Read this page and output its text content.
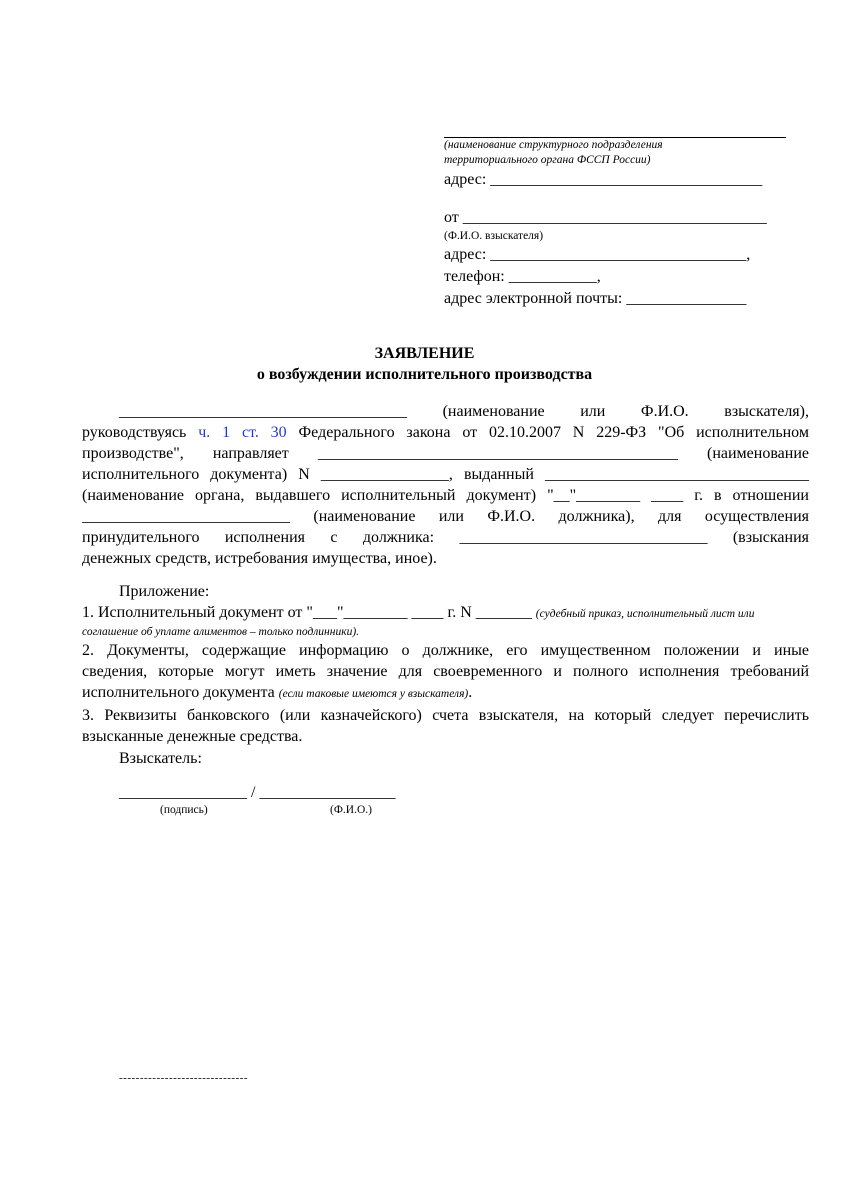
(наименование структурного подразделения
территориального органа ФССП России)
адрес: __________________________________
от ______________________________________
(Ф.И.О. взыскателя)
адрес: ________________________________,
телефон: ___________,
адрес электронной почты: _______________
ЗАЯВЛЕНИЕ
о возбуждении исполнительного производства
____________________________________ (наименование или Ф.И.О. взыскателя),
руководствуясь ч. 1 ст. 30 Федерального закона от 02.10.2007 N 229-ФЗ "Об исполнительном
производстве", направляет _____________________________________________ (наименование
исполнительного документа) N ________________, выданный _________________________________
(наименование органа, выдавшего исполнительный документ) "__"________ ____ г. в отношении
__________________________ (наименование или Ф.И.О. должника), для осуществления
принудительного исполнения с должника: _______________________________ (взыскания
денежных средств, истребования имущества, иное).
Приложение:
1. Исполнительный документ от "___"________ ____ г. N _______ (судебный приказ, исполнительный лист или
соглашение об уплате алиментов – только подлинники).
2. Документы, содержащие информацию о должнике, его имущественном положении и иные
сведения, которые могут иметь значение для своевременного и полного исполнения требований
исполнительного документа (если таковые имеются у взыскателя).
3. Реквизиты банковского (или казначейского) счета взыскателя, на который следует перечислить
взысканные денежные средства.
Взыскатель:
________________ / _________________
(подпись)	(Ф.И.О.)
-------------------------------
